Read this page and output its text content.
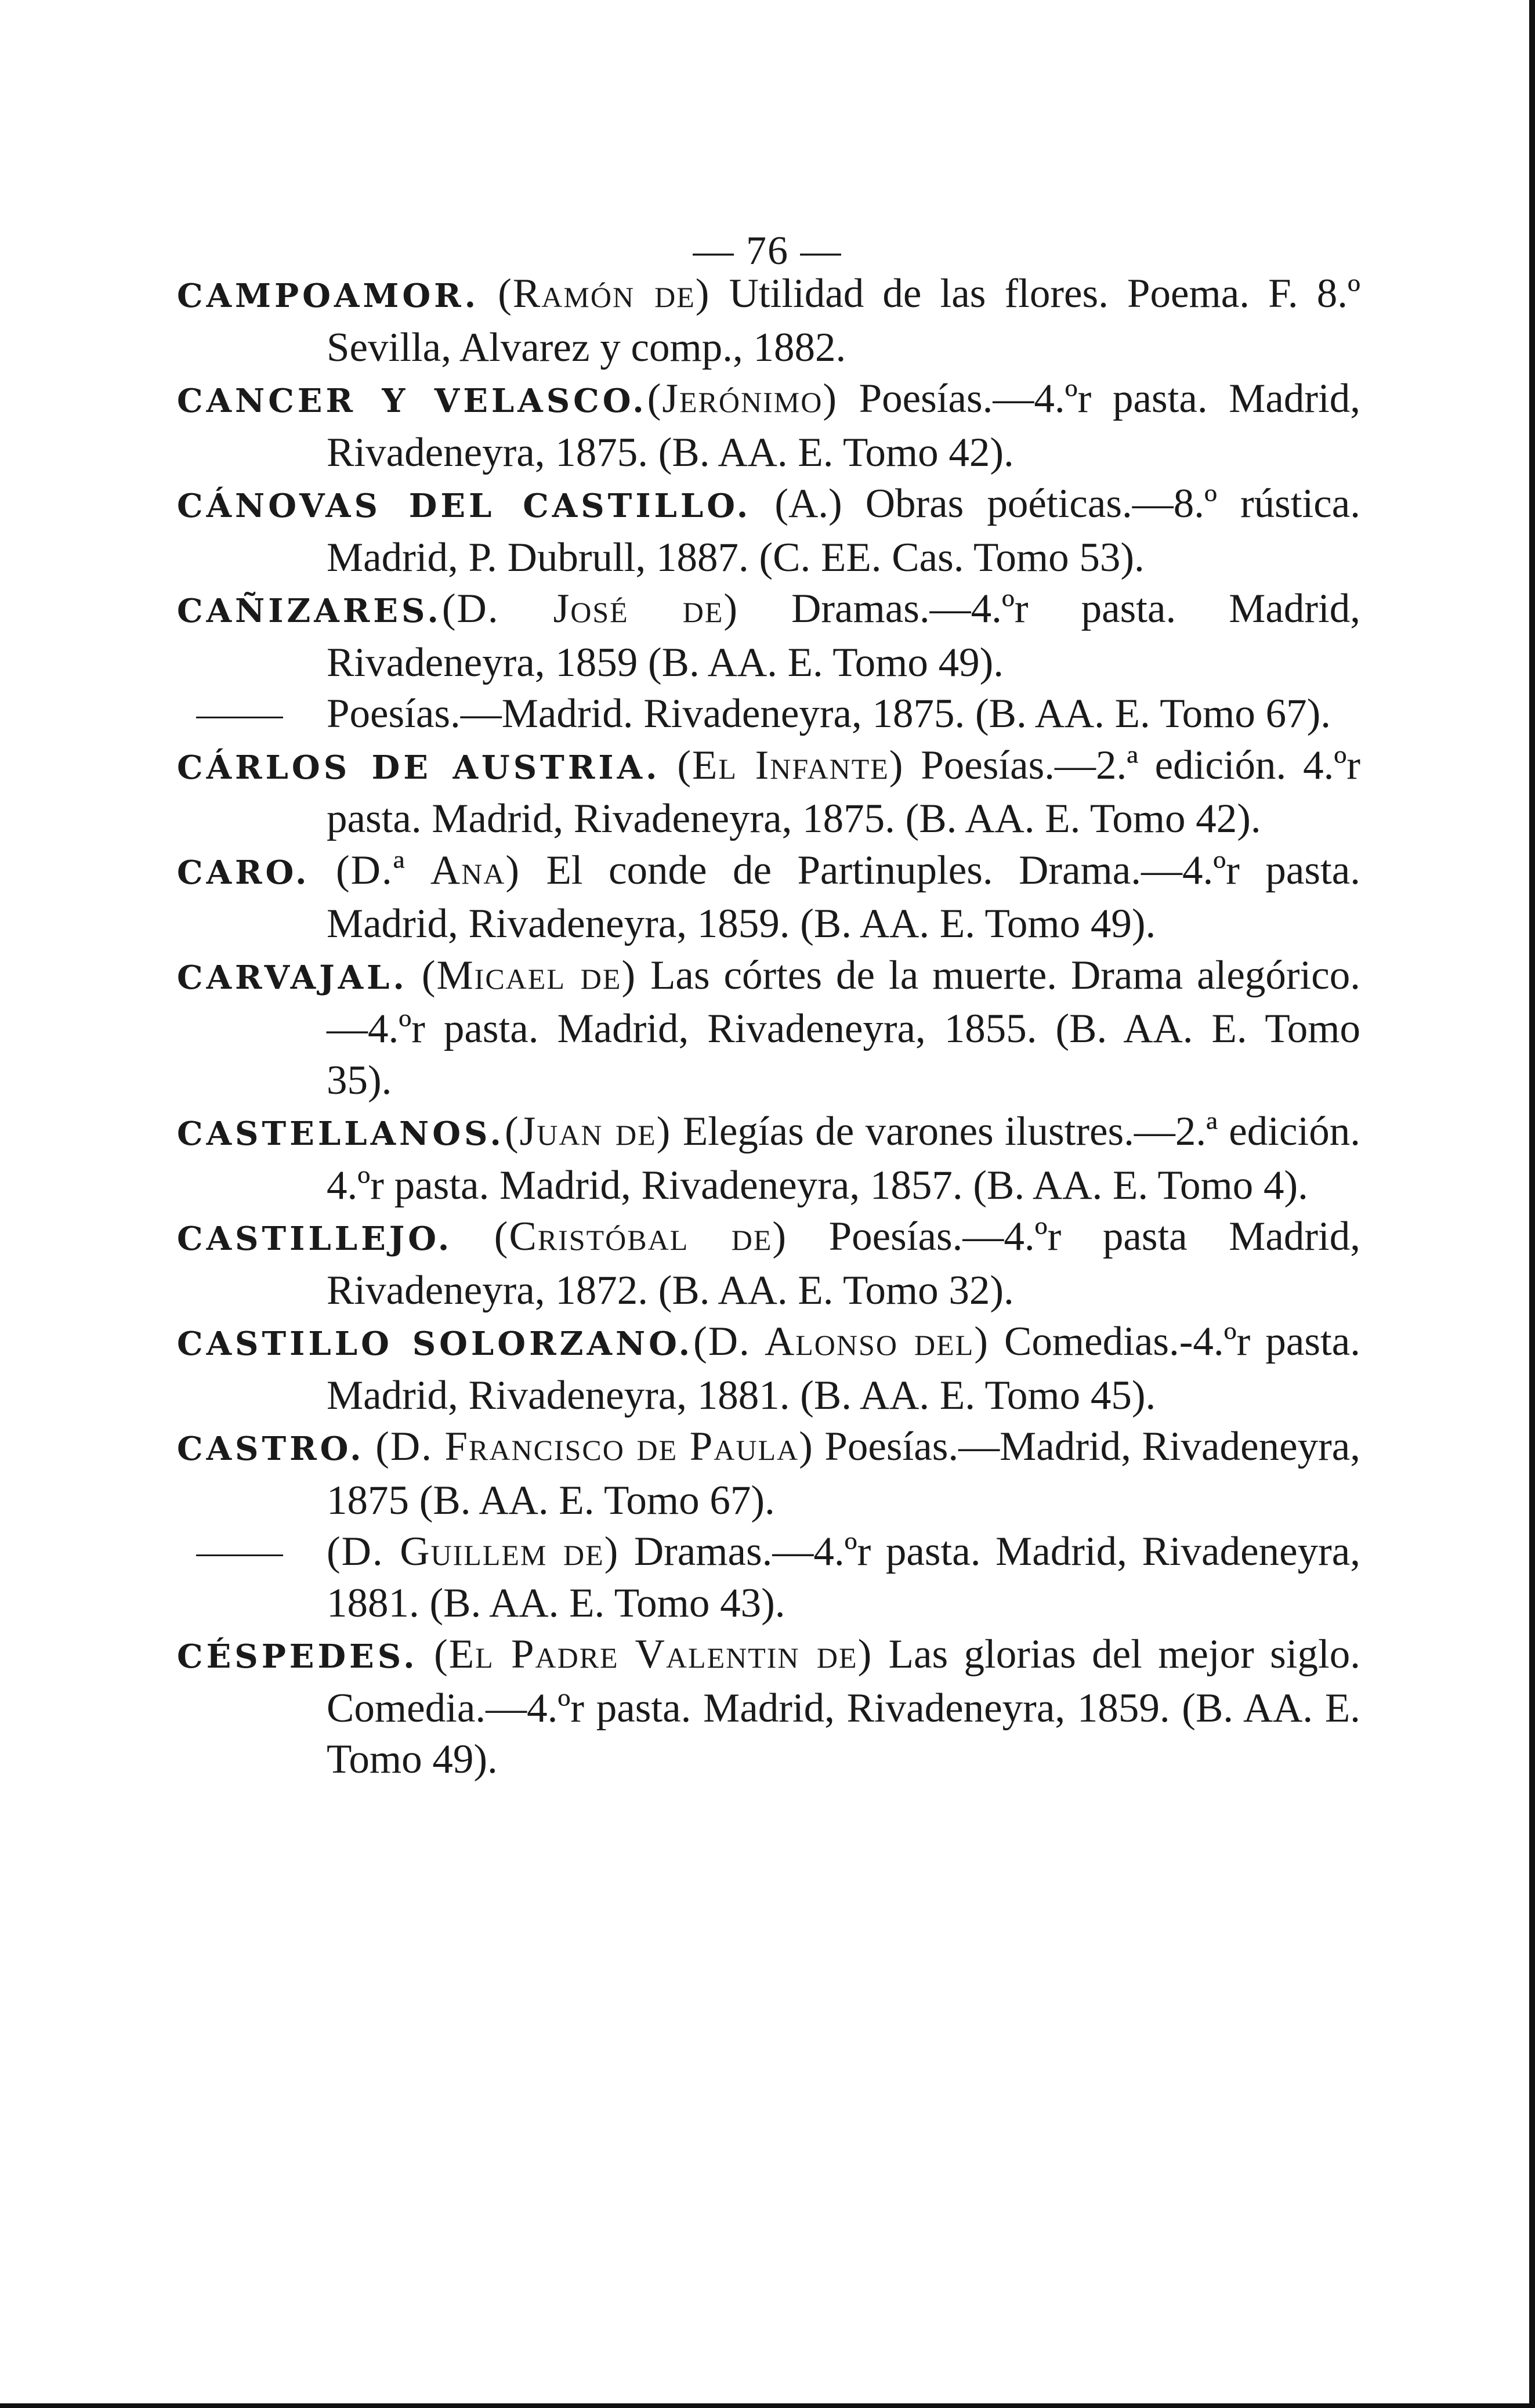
— 76 —

CAMPOAMOR. (Ramón de) Utilidad de las flores. Poema. F. 8.º Sevilla, Alvarez y comp., 1882.

CANCER Y VELASCO.(Jerónimo) Poesías.—4.ºr pasta. Madrid, Rivadeneyra, 1875. (B. AA. E. Tomo 42).

CÁNOVAS DEL CASTILLO. (A.) Obras poéticas.—8.º rústica. Madrid, P. Dubrull, 1887. (C. EE. Cas. Tomo 53).

CAÑIZARES.(D. José de) Dramas.—4.ºr pasta. Madrid, Rivadeneyra, 1859 (B. AA. E. Tomo 49).

Poesías.—Madrid. Rivadeneyra, 1875. (B. AA. E. Tomo 67).

CÁRLOS DE AUSTRIA. (El Infante) Poesías.—2.ª edición. 4.ºr pasta. Madrid, Rivadeneyra, 1875. (B. AA. E. Tomo 42).

CARO. (D.ª Ana) El conde de Partinuples. Drama.—4.ºr pasta. Madrid, Rivadeneyra, 1859. (B. AA. E. Tomo 49).

CARVAJAL. (Micael de) Las córtes de la muerte. Drama alegórico.—4.ºr pasta. Madrid, Rivadeneyra, 1855. (B. AA. E. Tomo 35).

CASTELLANOS.(Juan de) Elegías de varones ilustres.—2.ª edición. 4.ºr pasta. Madrid, Rivadeneyra, 1857. (B. AA. E. Tomo 4).

CASTILLEJO. (Cristóbal de) Poesías.—4.ºr pasta Madrid, Rivadeneyra, 1872. (B. AA. E. Tomo 32).

CASTILLO SOLORZANO.(D. Alonso del) Comedias.-4.ºr pasta. Madrid, Rivadeneyra, 1881. (B. AA. E. Tomo 45).

CASTRO. (D. Francisco de Paula) Poesías.—Madrid, Rivadeneyra, 1875 (B. AA. E. Tomo 67).

(D. Guillem de) Dramas.—4.ºr pasta. Madrid, Rivadeneyra, 1881. (B. AA. E. Tomo 43).

CÉSPEDES. (El Padre Valentin de) Las glorias del mejor siglo. Comedia.—4.ºr pasta. Madrid, Rivadeneyra, 1859. (B. AA. E. Tomo 49).
